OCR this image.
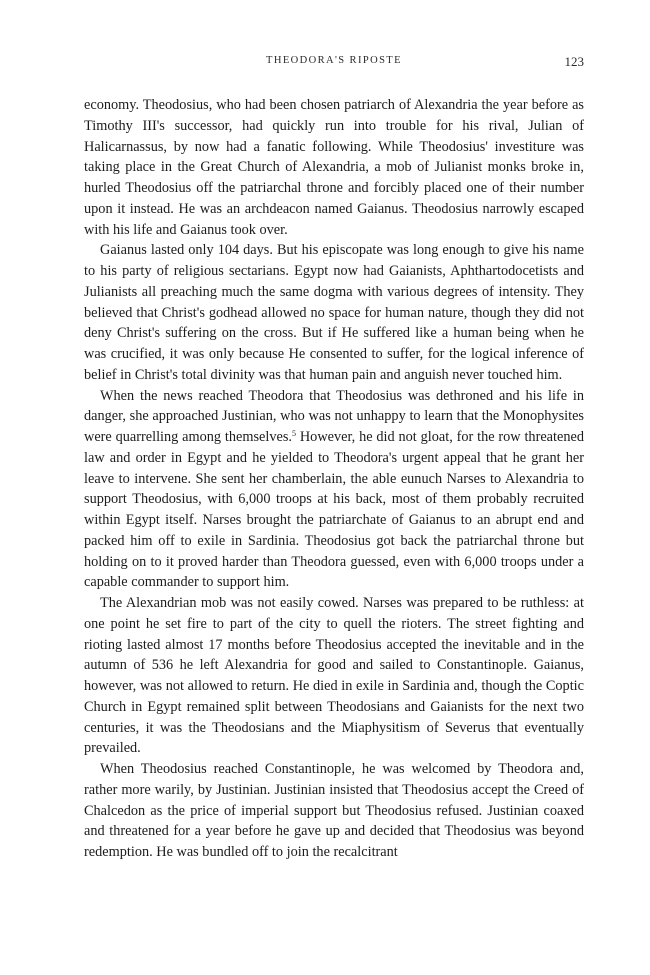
THEODORA'S RIPOSTE	123

economy. Theodosius, who had been chosen patriarch of Alexandria the year before as Timothy III's successor, had quickly run into trouble for his rival, Julian of Halicarnassus, by now had a fanatic following. While Theodosius' investiture was taking place in the Great Church of Alexandria, a mob of Julianist monks broke in, hurled Theodosius off the patriarchal throne and forcibly placed one of their number upon it instead. He was an archdeacon named Gaianus. Theodosius narrowly escaped with his life and Gaianus took over.

Gaianus lasted only 104 days. But his episcopate was long enough to give his name to his party of religious sectarians. Egypt now had Gaianists, Aphthartodocetists and Julianists all preaching much the same dogma with various degrees of intensity. They believed that Christ's godhead allowed no space for human nature, though they did not deny Christ's suffering on the cross. But if He suffered like a human being when he was crucified, it was only because He consented to suffer, for the logical inference of belief in Christ's total divinity was that human pain and anguish never touched him.

When the news reached Theodora that Theodosius was dethroned and his life in danger, she approached Justinian, who was not unhappy to learn that the Monophysites were quarrelling among themselves.$^5$ However, he did not gloat, for the row threatened law and order in Egypt and he yielded to Theodora's urgent appeal that he grant her leave to intervene. She sent her chamberlain, the able eunuch Narses to Alexandria to support Theodosius, with 6,000 troops at his back, most of them probably recruited within Egypt itself. Narses brought the patriarchate of Gaianus to an abrupt end and packed him off to exile in Sardinia. Theodosius got back the patriarchal throne but holding on to it proved harder than Theodora guessed, even with 6,000 troops under a capable commander to support him.

The Alexandrian mob was not easily cowed. Narses was prepared to be ruthless: at one point he set fire to part of the city to quell the rioters. The street fighting and rioting lasted almost 17 months before Theodosius accepted the inevitable and in the autumn of 536 he left Alexandria for good and sailed to Constantinople. Gaianus, however, was not allowed to return. He died in exile in Sardinia and, though the Coptic Church in Egypt remained split between Theodosians and Gaianists for the next two centuries, it was the Theodosians and the Miaphysitism of Severus that eventually prevailed.

When Theodosius reached Constantinople, he was welcomed by Theodora and, rather more warily, by Justinian. Justinian insisted that Theodosius accept the Creed of Chalcedon as the price of imperial support but Theodosius refused. Justinian coaxed and threatened for a year before he gave up and decided that Theodosius was beyond redemption. He was bundled off to join the recalcitrant
